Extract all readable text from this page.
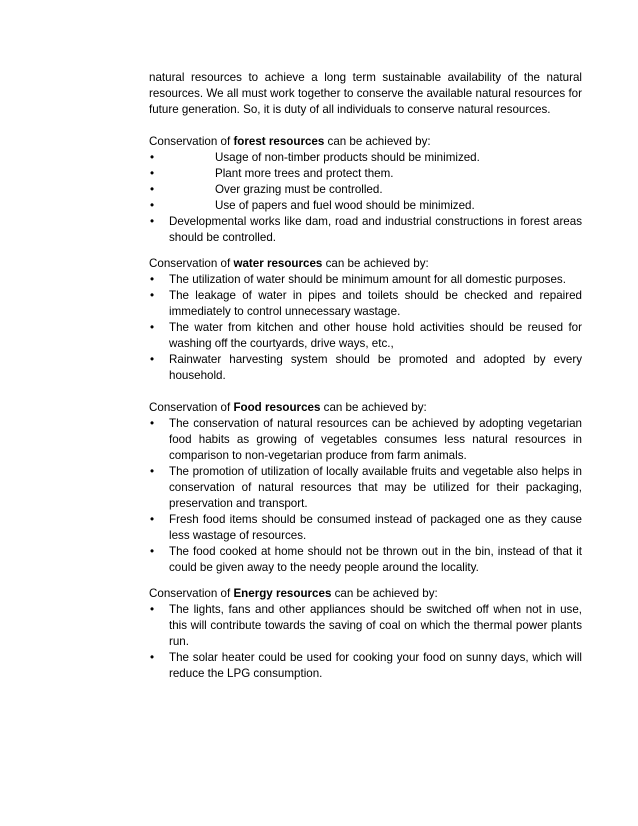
natural resources to achieve a long term sustainable availability of the natural resources. We all must work together to conserve the available natural resources for future generation. So, it is duty of all individuals to conserve natural resources.

Conservation of forest resources can be achieved by:

• Usage of non-timber products should be minimized.
• Plant more trees and protect them.
• Over grazing must be controlled.
• Use of papers and fuel wood should be minimized.
• Developmental works like dam, road and industrial constructions in forest areas should be controlled.

Conservation of water resources can be achieved by:

• The utilization of water should be minimum amount for all domestic purposes.
• The leakage of water in pipes and toilets should be checked and repaired immediately to control unnecessary wastage.
• The water from kitchen and other house hold activities should be reused for washing off the courtyards, drive ways, etc.,
• Rainwater harvesting system should be promoted and adopted by every household.

Conservation of Food resources can be achieved by:

• The conservation of natural resources can be achieved by adopting vegetarian food habits as growing of vegetables consumes less natural resources in comparison to non-vegetarian produce from farm animals.
• The promotion of utilization of locally available fruits and vegetable also helps in conservation of natural resources that may be utilized for their packaging, preservation and transport.
• Fresh food items should be consumed instead of packaged one as they cause less wastage of resources.
• The food cooked at home should not be thrown out in the bin, instead of that it could be given away to the needy people around the locality.

Conservation of Energy resources can be achieved by:

• The lights, fans and other appliances should be switched off when not in use, this will contribute towards the saving of coal on which the thermal power plants run.
• The solar heater could be used for cooking your food on sunny days, which will reduce the LPG consumption.
